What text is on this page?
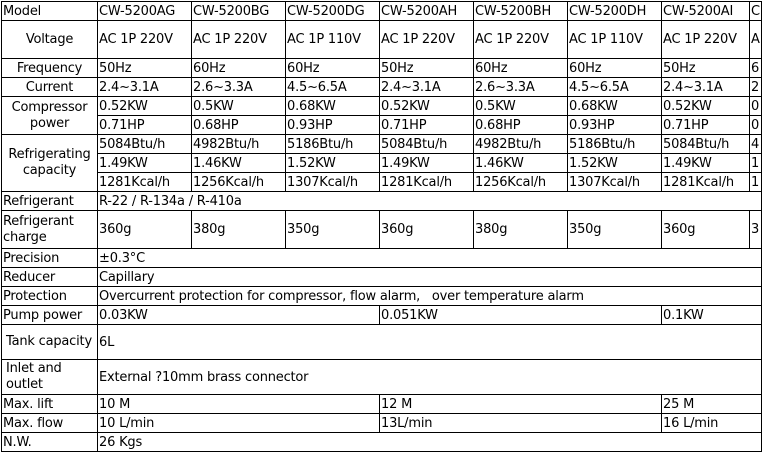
Model	CW-5200AG	CW-5200BG	CW-5200DG	CW-5200AH	CW-5200BH	CW-5200DH	CW-5200AI	C
Voltage	AC 1P 220V	AC 1P 220V	AC 1P 110V	AC 1P 220V	AC 1P 220V	AC 1P 110V	AC 1P 220V	A
Frequency	50Hz	60Hz	60Hz	50Hz	60Hz	60Hz	50Hz	6
Current	2.4~3.1A	2.6~3.3A	4.5~6.5A	2.4~3.1A	2.6~3.3A	4.5~6.5A	2.4~3.1A	2
Compressor power	0.52KW	0.5KW	0.68KW	0.52KW	0.5KW	0.68KW	0.52KW	0
	0.71HP	0.68HP	0.93HP	0.71HP	0.68HP	0.93HP	0.71HP	0
Refrigerating capacity	5084Btu/h	4982Btu/h	5186Btu/h	5084Btu/h	4982Btu/h	5186Btu/h	5084Btu/h	4
	1.49KW	1.46KW	1.52KW	1.49KW	1.46KW	1.52KW	1.49KW	1
	1281Kcal/h	1256Kcal/h	1307Kcal/h	1281Kcal/h	1256Kcal/h	1307Kcal/h	1281Kcal/h	1
Refrigerant	R-22 / R-134a / R-410a							
Refrigerant charge	360g	380g	350g	360g	380g	350g	360g	3
Precision	±0.3°C							
Reducer	Capillary							
Protection	Overcurrent protection for compressor, flow alarm,   over temperature alarm							
Pump power	0.03KW			0.051KW			0.1KW	
Tank capacity	6L							
Inlet and outlet	External ?10mm brass connector							
Max. lift	10 M			12 M			25 M	
Max. flow	10 L/min			13L/min			16 L/min	
N.W.	26 Kgs							
